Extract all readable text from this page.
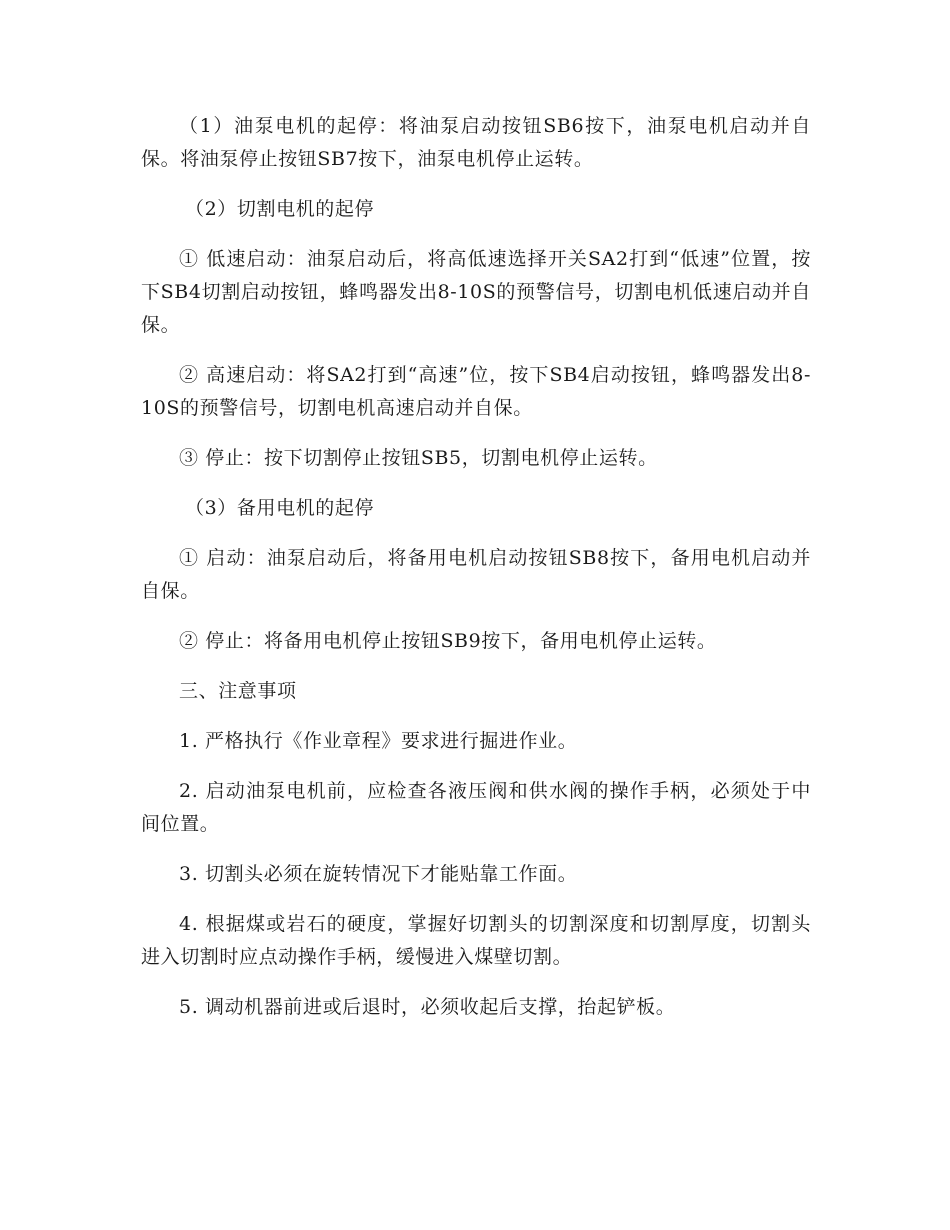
（1）油泵电机的起停：将油泵启动按钮SB6按下，油泵电机启动并自保。将油泵停止按钮SB7按下，油泵电机停止运转。

（2）切割电机的起停

① 低速启动：油泵启动后，将高低速选择开关SA2打到“低速”位置，按下SB4切割启动按钮，蜂鸣器发出8-10S的预警信号，切割电机低速启动并自保。

② 高速启动：将SA2打到“高速”位，按下SB4启动按钮，蜂鸣器发出8-10S的预警信号，切割电机高速启动并自保。

③ 停止：按下切割停止按钮SB5，切割电机停止运转。

（3）备用电机的起停

① 启动：油泵启动后，将备用电机启动按钮SB8按下，备用电机启动并自保。

② 停止：将备用电机停止按钮SB9按下，备用电机停止运转。

三、注意事项

1. 严格执行《作业章程》要求进行掘进作业。

2. 启动油泵电机前，应检查各液压阀和供水阀的操作手柄，必须处于中间位置。

3. 切割头必须在旋转情况下才能贴靠工作面。

4. 根据煤或岩石的硬度，掌握好切割头的切割深度和切割厚度，切割头进入切割时应点动操作手柄，缓慢进入煤壁切割。

5. 调动机器前进或后退时，必须收起后支撑，抬起铲板。
